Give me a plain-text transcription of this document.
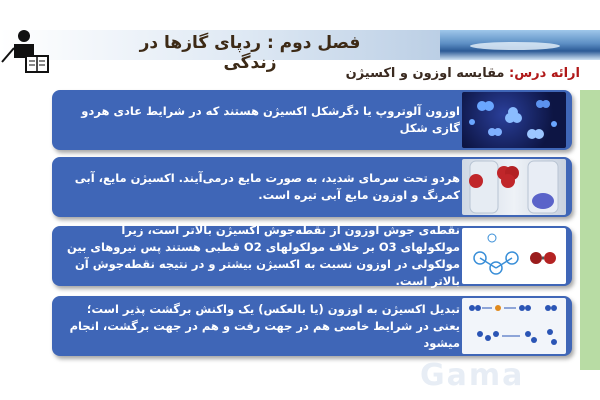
فصل دوم : ردپای گازها در زندگی
ارائه درس: مقایسه اوزون و اکسیژن
اوزون آلوتروپ یا دگرشکل اکسیژن هستند که در شرایط عادی هردو گازی شکل
هردو تحت سرمای شدید، به صورت مایع درمی‌آیند. اکسیژن مایع، آبی کمرنگ و اوزون مایع آبی تیره است.
نقطه‌ی جوش اوزون از نقطه‌جوش اکسیژن بالاتر است، زیرا مولکولهای O3 بر خلاف مولکولهای O2 قطبی هستند پس نیروهای بین مولکولی در اوزون نسبت به اکسیژن بیشتر و در نتیجه نقطه‌جوش آن بالاتر است.
تبدیل اکسیژن به اوزون (یا بالعکس) یک واکنش برگشت پذیر است؛ یعنی در شرایط خاصی هم در جهت رفت و هم در جهت برگشت، انجام میشود
Gama
